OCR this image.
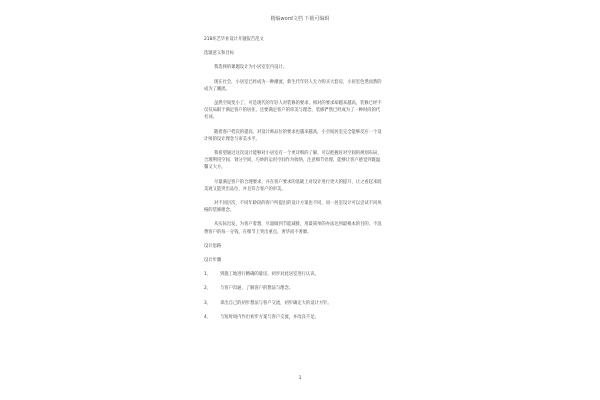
精编word文档 下载可编辑
218环艺毕业设计开题报告范文
选题意义和目标
我选择的课题设计为小居室室内设计。
现在社会，小居室已经成为一种潮流，新生代年轻人无力购买大套房，小居室色然而然的
成为了潮流。
虽然空间变小了，可是现代的年轻人对装修的要求，相对的要求却越来越高，装修已经不
仅仅局限于满足客户的居住，还要满足客户的审美与理念，装修俨然已经成为了一种时尚的代
名词。
随着客户档次的提高，对设计师品位的要求也越来越高，小空间居室完全能够反应一个设
计师的设计理念与审美水平。
我希望通过这次设计能够对小居室有一个更详细的了解，可以把握好对空间的规划布局、
合理利用空间、划分空间、巧妙的运用空间作为收纳，注意细节处理，能够让客户感觉到既温
馨又大方。
尽量满足客户的合理要求，并在客户要求的基础上对设计进行更大的提升，让之看起来既
美观又能突出品位，并且符合客户的审美。
对不同层次、不同年龄段的客户所提出的设计方案也不同，同一居室设计可以尝试不同风
格的装修理念。
从实际出发，为客户着想，尽量做到节能减排，用最简单的办法达到最根本的目的，不浪
费客户的每一分钱，在细节上突出重点，奢华而不奢靡。
设计思路
设计步骤
1、 到施工地进行精确的量房，初步对此居室进行认识。
2、 与客户沟通，了解客户的想法与理念。
3、 拿出自己的初步想法与客户交流，初步确定大的设计方针。
4、 与短时间内作出初步方案与客户交流，并改良不足。
1
